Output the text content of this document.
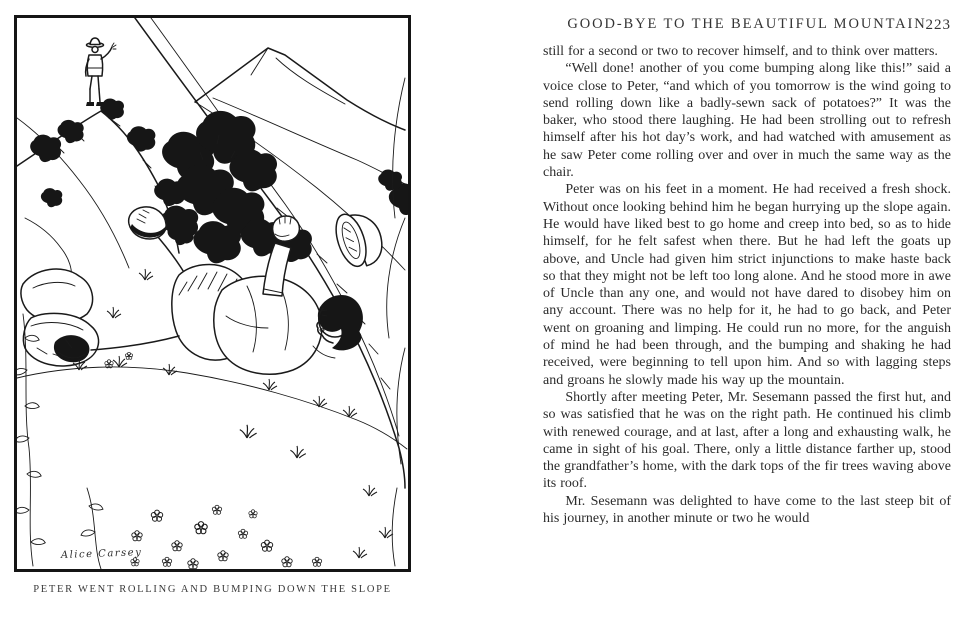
Alice Carsey
PETER WENT ROLLING AND BUMPING DOWN THE SLOPE
GOOD-BYE TO THE BEAUTIFUL MOUNTAIN
223

still for a second or two to recover himself, and to think over matters.

“Well done! another of you come bumping along like this!” said a voice close to Peter, “and which of you tomorrow is the wind going to send rolling down like a badly-sewn sack of potatoes?” It was the baker, who stood there laughing. He had been strolling out to refresh himself after his hot day’s work, and had watched with amusement as he saw Peter come rolling over and over in much the same way as the chair.

Peter was on his feet in a moment. He had received a fresh shock. Without once looking behind him he began hurrying up the slope again. He would have liked best to go home and creep into bed, so as to hide himself, for he felt safest when there. But he had left the goats up above, and Uncle had given him strict injunctions to make haste back so that they might not be left too long alone. And he stood more in awe of Uncle than any one, and would not have dared to disobey him on any account. There was no help for it, he had to go back, and Peter went on groaning and limping. He could run no more, for the anguish of mind he had been through, and the bumping and shaking he had received, were beginning to tell upon him. And so with lagging steps and groans he slowly made his way up the mountain.

Shortly after meeting Peter, Mr. Sesemann passed the first hut, and so was satisfied that he was on the right path. He continued his climb with renewed courage, and at last, after a long and exhausting walk, he came in sight of his goal. There, only a little distance farther up, stood the grandfather’s home, with the dark tops of the fir trees waving above its roof.

Mr. Sesemann was delighted to have come to the last steep bit of his journey, in another minute or two he would
